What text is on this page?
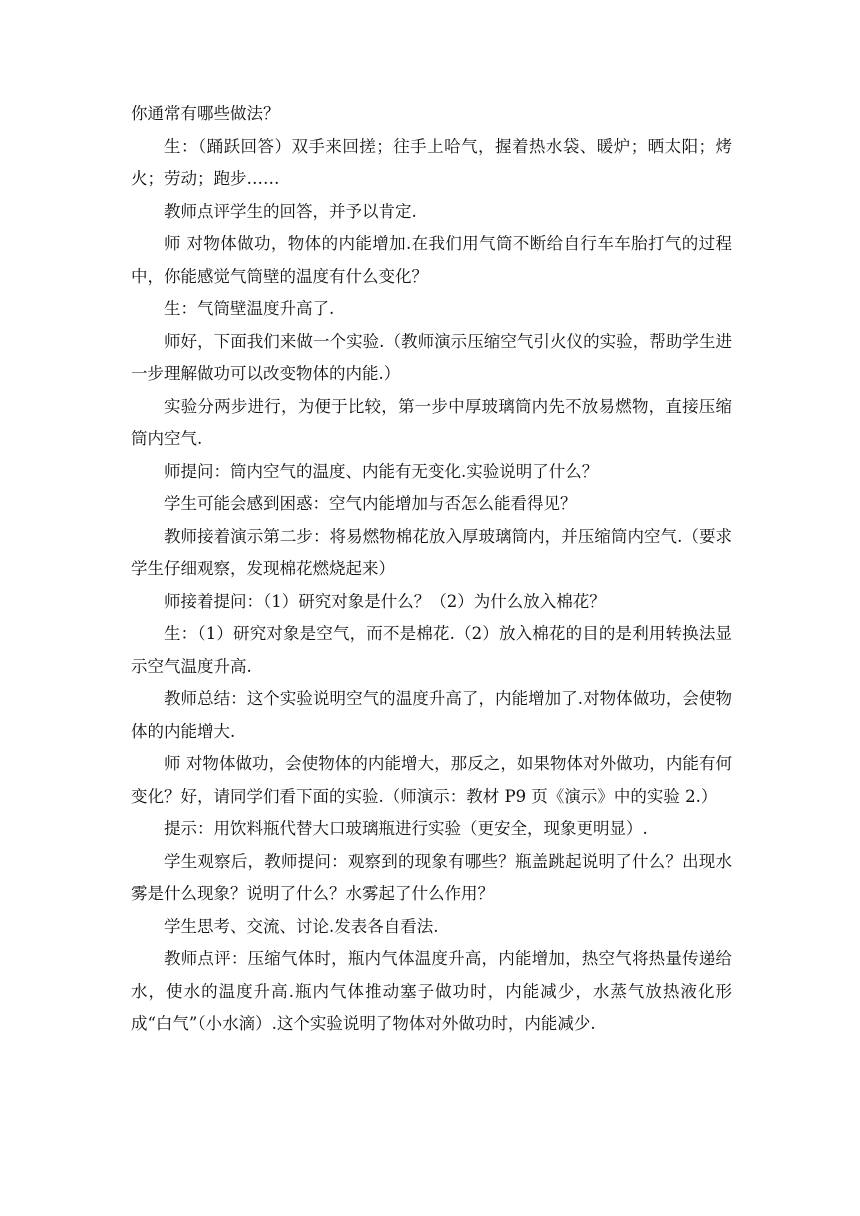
你通常有哪些做法？

生：（踊跃回答）双手来回搓；往手上哈气，握着热水袋、暖炉；晒太阳；烤火；劳动；跑步……

教师点评学生的回答，并予以肯定.

师 对物体做功，物体的内能增加.在我们用气筒不断给自行车车胎打气的过程中，你能感觉气筒壁的温度有什么变化？

生：气筒壁温度升高了.

师好，下面我们来做一个实验.（教师演示压缩空气引火仪的实验，帮助学生进一步理解做功可以改变物体的内能.）

实验分两步进行，为便于比较，第一步中厚玻璃筒内先不放易燃物，直接压缩筒内空气.

师提问：筒内空气的温度、内能有无变化.实验说明了什么？

学生可能会感到困惑：空气内能增加与否怎么能看得见？

教师接着演示第二步：将易燃物棉花放入厚玻璃筒内，并压缩筒内空气.（要求学生仔细观察，发现棉花燃烧起来）

师接着提问：（1）研究对象是什么？（2）为什么放入棉花？

生：（1）研究对象是空气，而不是棉花.（2）放入棉花的目的是利用转换法显示空气温度升高.

教师总结：这个实验说明空气的温度升高了，内能增加了.对物体做功，会使物体的内能增大.

师 对物体做功，会使物体的内能增大，那反之，如果物体对外做功，内能有何变化？好，请同学们看下面的实验.（师演示：教材 P9 页《演示》中的实验 2.）

提示：用饮料瓶代替大口玻璃瓶进行实验（更安全，现象更明显）.

学生观察后，教师提问：观察到的现象有哪些？瓶盖跳起说明了什么？出现水雾是什么现象？说明了什么？水雾起了什么作用？

学生思考、交流、讨论.发表各自看法.

教师点评：压缩气体时，瓶内气体温度升高，内能增加，热空气将热量传递给水，使水的温度升高.瓶内气体推动塞子做功时，内能减少，水蒸气放热液化形成“白气”（小水滴）.这个实验说明了物体对外做功时，内能减少.
